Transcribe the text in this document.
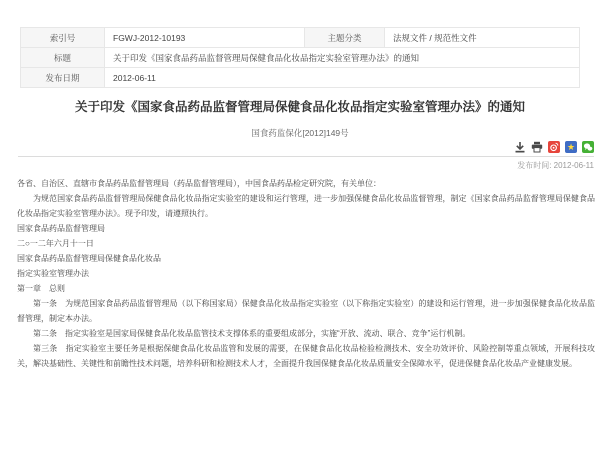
索引号	FGWJ-2012-10193	主题分类	法规文件 / 规范性文件
标题	关于印发《国家食品药品监督管理局保健食品化妆品指定实验室管理办法》的通知		
发布日期	2012-06-11		
关于印发《国家食品药品监督管理局保健食品化妆品指定实验室管理办法》的通知
国食药监保化[2012]149号
★
发布时间: 2012-06-11

各省、自治区、直辖市食品药品监督管理局（药品监督管理局），中国食品药品检定研究院，有关单位：

为规范国家食品药品监督管理局保健食品化妆品指定实验室的建设和运行管理，进一步加强保健食品化妆品监督管理，制定《国家食品药品监督管理局保健食品化妆品指定实验室管理办法》。现予印发，请遵照执行。

国家食品药品监督管理局

二○一二年六月十一日

国家食品药品监督管理局保健食品化妆品

指定实验室管理办法

第一章　总则

第一条　为规范国家食品药品监督管理局（以下称国家局）保健食品化妆品指定实验室（以下称指定实验室）的建设和运行管理，进一步加强保健食品化妆品监督管理，制定本办法。

第二条　指定实验室是国家局保健食品化妆品监管技术支撑体系的重要组成部分，实施“开放、流动、联合、竞争”运行机制。

第三条　指定实验室主要任务是根据保健食品化妆品监管和发展的需要，在保健食品化妆品检验检测技术、安全功效评价、风险控制等重点领域，开展科技攻关，解决基础性、关键性和前瞻性技术问题，培养科研和检测技术人才，全面提升我国保健食品化妆品质量安全保障水平，促进保健食品化妆品产业健康发展。
